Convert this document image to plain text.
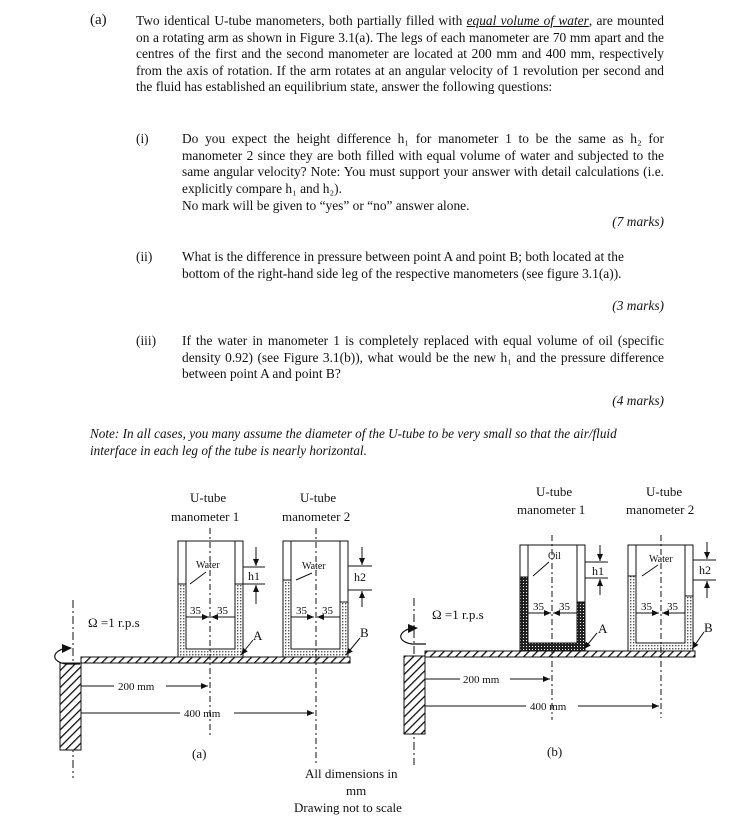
(a) Two identical U-tube manometers, both partially filled with equal volume of water, are mounted on a rotating arm as shown in Figure 3.1(a). The legs of each manometer are 70 mm apart and the centres of the first and the second manometer are located at 200 mm and 400 mm, respectively from the axis of rotation. If the arm rotates at an angular velocity of 1 revolution per second and the fluid has established an equilibrium state, answer the following questions:
(i) Do you expect the height difference h₁ for manometer 1 to be the same as h₂ for manometer 2 since they are both filled with equal volume of water and subjected to the same angular velocity? Note: You must support your answer with detail calculations (i.e. explicitly compare h₁ and h₂).
No mark will be given to “yes” or “no” answer alone.
(7 marks)
(ii) What is the difference in pressure between point A and point B; both located at the bottom of the right-hand side leg of the respective manometers (see figure 3.1(a)).
(3 marks)
(iii) If the water in manometer 1 is completely replaced with equal volume of oil (specific density 0.92) (see Figure 3.1(b)), what would be the new h₁ and the pressure difference between point A and point B?
(4 marks)
Note: In all cases, you many assume the diameter of the U-tube to be very small so that the air/fluid interface in each leg of the tube is nearly horizontal.
Ω =1 r.p.s
35 35
Water
h1
A
35 35
Water
h2
B
U-tube
manometer 1
U-tube
manometer 2
200 mm
400 mm
(a)
Ω =1 r.p.s	35 35
Oil
h1
A
35 35
Water
h2
B
U-tube
manometer 1
U-tube
manometer 2
200 mm
400 mm
(b)
All dimensions in
mm
Drawing not to scale
